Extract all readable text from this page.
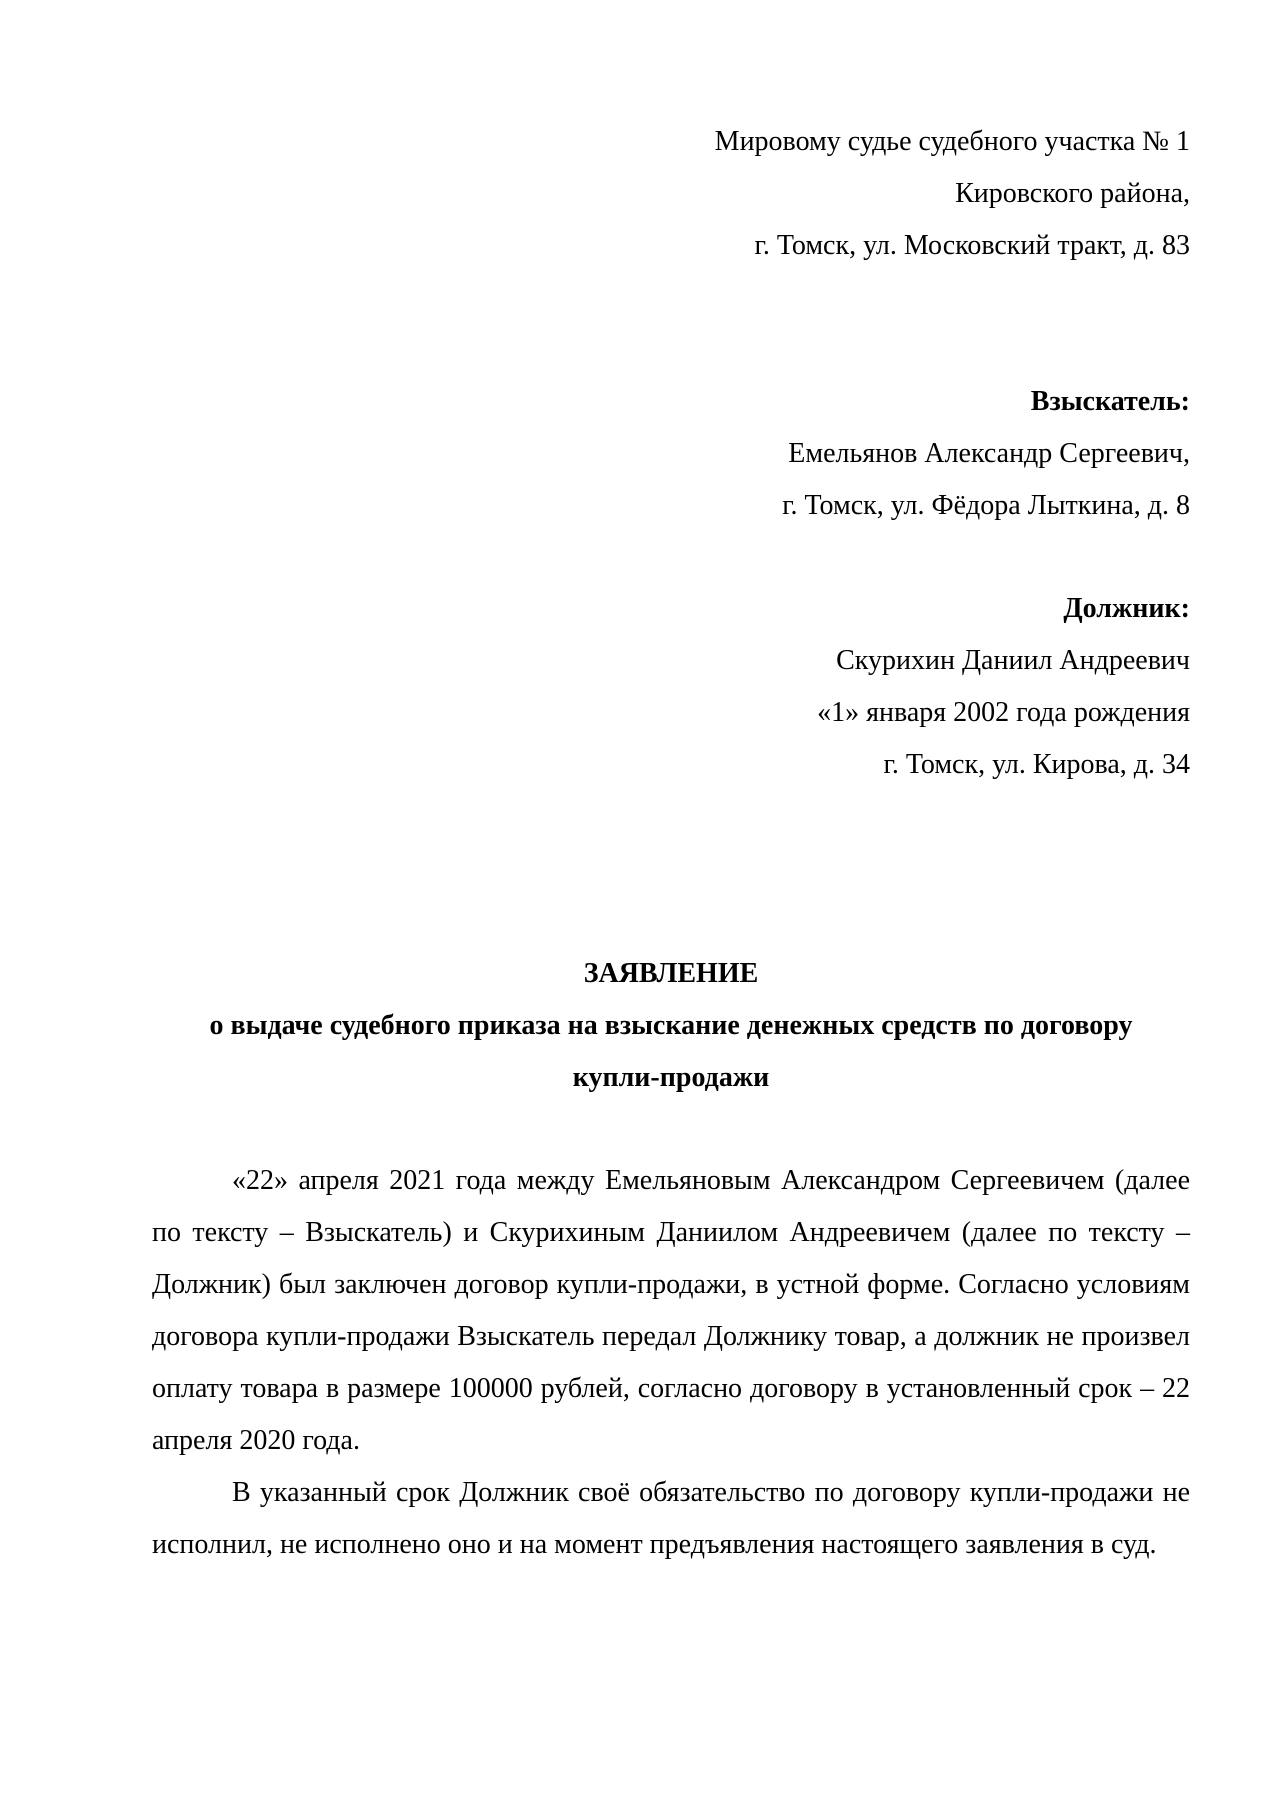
Мировому судье судебного участка № 1
Кировского района,
г. Томск, ул. Московский тракт, д. 83
Взыскатель:
Емельянов Александр Сергеевич,
г. Томск, ул. Фёдора Лыткина, д. 8
Должник:
Скурихин Даниил Андреевич
«1» января 2002 года рождения
г. Томск, ул. Кирова, д. 34
ЗАЯВЛЕНИЕ
о выдаче судебного приказа на взыскание денежных средств по договору
купли-продажи

«22» апреля 2021 года между Емельяновым Александром Сергеевичем (далее по тексту – Взыскатель) и Скурихиным Даниилом Андреевичем (далее по тексту – Должник) был заключен договор купли-продажи, в устной форме. Согласно условиям договора купли-продажи Взыскатель передал Должнику товар, а должник не произвел оплату товара в размере 100000 рублей, согласно договору в установленный срок – 22 апреля 2020 года.

В указанный срок Должник своё обязательство по договору купли-продажи не исполнил, не исполнено оно и на момент предъявления настоящего заявления в суд.
